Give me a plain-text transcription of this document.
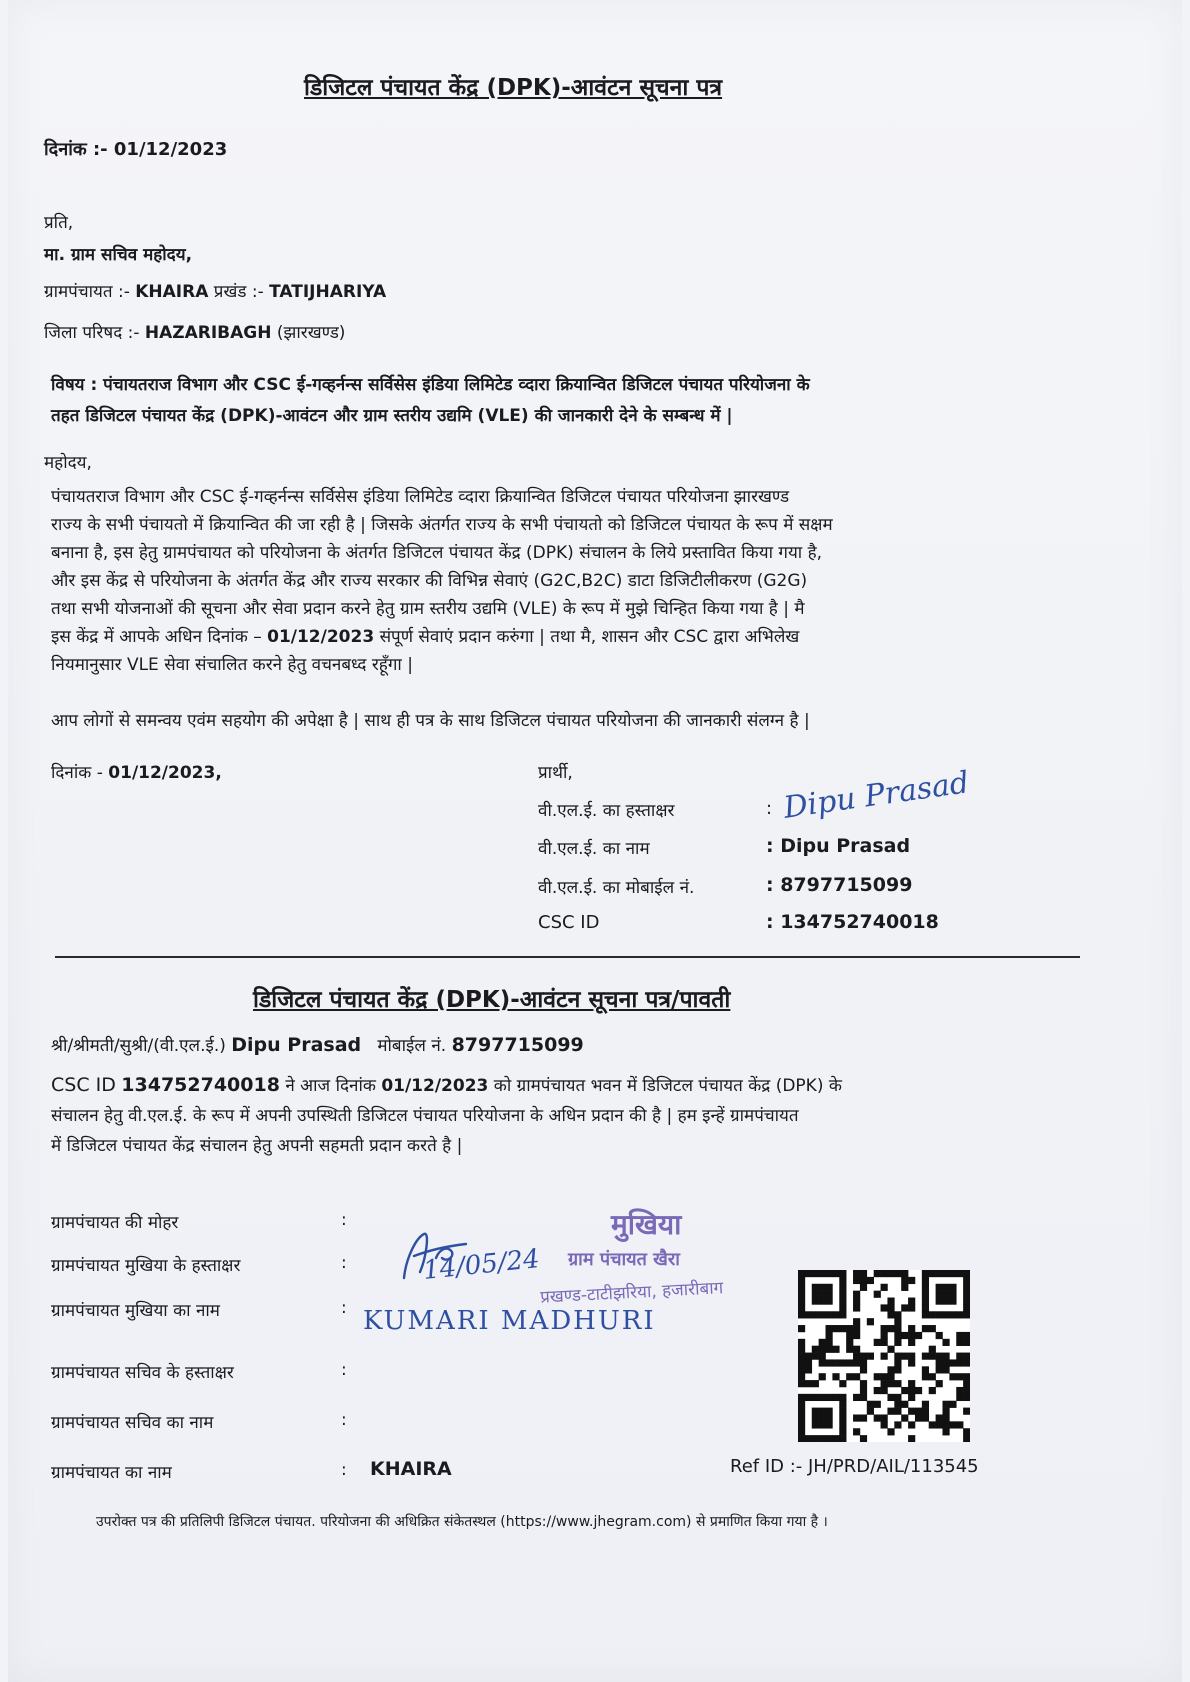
डिजिटल पंचायत केंद्र (DPK)-आवंटन सूचना पत्र
दिनांक :- 01/12/2023
प्रति,
मा. ग्राम सचिव महोदय,
ग्रामपंचायत :- KHAIRA प्रखंड :- TATIJHARIYA
जिला परिषद :- HAZARIBAGH (झारखण्ड)

विषय : पंचायतराज विभाग और CSC ई-गव्हर्नन्स सर्विसेस इंडिया लिमिटेड व्दारा क्रियान्वित डिजिटल पंचायत परियोजना के

तहत डिजिटल पंचायत केंद्र (DPK)-आवंटन और ग्राम स्तरीय उद्यमि (VLE) की जानकारी देने के सम्बन्ध में |

महोदय,

पंचायतराज विभाग और CSC ई-गव्हर्नन्स सर्विसेस इंडिया लिमिटेड व्दारा क्रियान्वित डिजिटल पंचायत परियोजना झारखण्ड

राज्य के सभी पंचायतो में क्रियान्वित की जा रही है | जिसके अंतर्गत राज्य के सभी पंचायतो को डिजिटल पंचायत के रूप में सक्षम

बनाना है, इस हेतु ग्रामपंचायत को परियोजना के अंतर्गत डिजिटल पंचायत केंद्र (DPK) संचालन के लिये प्रस्तावित किया गया है,

और इस केंद्र से परियोजना के अंतर्गत केंद्र और राज्य सरकार की विभिन्न सेवाएं (G2C,B2C) डाटा डिजिटीलीकरण (G2G)

तथा सभी योजनाओं की सूचना और सेवा प्रदान करने हेतु ग्राम स्तरीय उद्यमि (VLE) के रूप में मुझे चिन्हित किया गया है | मै

इस केंद्र में आपके अधिन दिनांक – 01/12/2023 संपूर्ण सेवाएं प्रदान करुंगा | तथा मै, शासन और CSC द्वारा अभिलेख

नियमानुसार VLE सेवा संचालित करने हेतु वचनबध्द रहूँगा |

आप लोगों से समन्वय एवंम सहयोग की अपेक्षा है | साथ ही पत्र के साथ डिजिटल पंचायत परियोजना की जानकारी संलग्न है |
दिनांक - 01/12/2023,	प्रार्थी,
वी.एल.ई. का हस्ताक्षर	: Dipu Prasad
वी.एल.ई. का नाम	: Dipu Prasad
वी.एल.ई. का मोबाईल नं.	: 8797715099
CSC ID	: 134752740018
डिजिटल पंचायत केंद्र (DPK)-आवंटन सूचना पत्र/पावती
श्री/श्रीमती/सुश्री/(वी.एल.ई.) Dipu Prasad मोबाईल नं. 8797715099

CSC ID 134752740018 ने आज दिनांक 01/12/2023 को ग्रामपंचायत भवन में डिजिटल पंचायत केंद्र (DPK) के

संचालन हेतु वी.एल.ई. के रूप में अपनी उपस्थिती डिजिटल पंचायत परियोजना के अधिन प्रदान की है | हम इन्हें ग्रामपंचायत

में डिजिटल पंचायत केंद्र संचालन हेतु अपनी सहमती प्रदान करते है |

ग्रामपंचायत की मोहर	:
ग्रामपंचायत मुखिया के हस्ताक्षर	:
ग्रामपंचायत मुखिया का नाम	:
ग्रामपंचायत सचिव के हस्ताक्षर	:
ग्रामपंचायत सचिव का नाम	:
ग्रामपंचायत का नाम	: KHAIRA
14/05/24
KUMARI MADHURI
मुखिया
ग्राम पंचायत खैरा
प्रखण्ड-टाटीझरिया, हजारीबाग
Ref ID :- JH/PRD/AIL/113545
उपरोक्त पत्र की प्रतिलिपी डिजिटल पंचायत. परियोजना की अधिक्रित संकेतस्थल (https://www.jhegram.com) से प्रमाणित किया गया है ।
